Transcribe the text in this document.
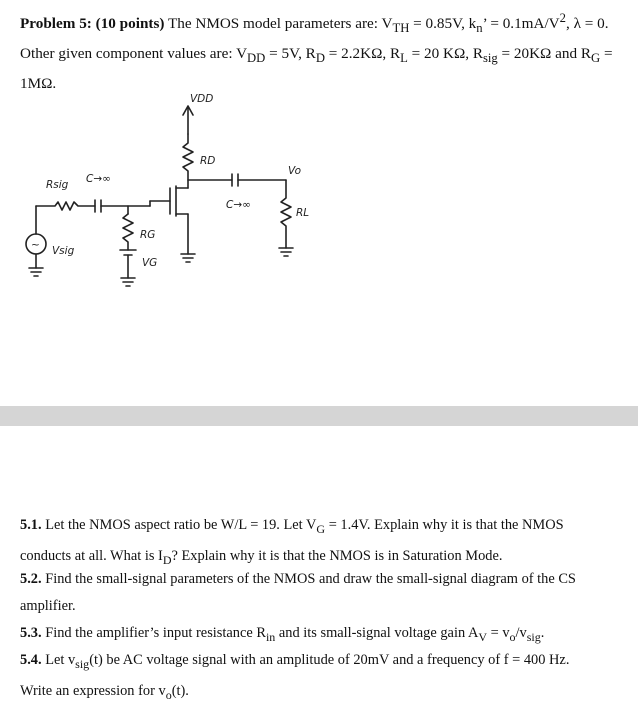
Problem 5: (10 points) The NMOS model parameters are: $V_{TH} = 0.85V$, $k_n$’ = $0.1mA/V^2$, λ = 0.
Other given component values are: $V_{DD} = 5V$, $R_D = 2.2K\Omega$, $R_L = 20$ KΩ, $R_{sig} = 20K\Omega$ and $R_G$ =
1MΩ.
VDD
RD
Vo
Rsig C→∞
C→∞
RG
VG
Vsig
RL
~
5.1. Let the NMOS aspect ratio be W/L = 19. Let $V_G = 1.4V$. Explain why it is that the NMOS
conducts at all. What is $I_D$? Explain why it is that the NMOS is in Saturation Mode.
5.2. Find the small-signal parameters of the NMOS and draw the small-signal diagram of the CS
amplifier.
5.3. Find the amplifier’s input resistance $R_{in}$ and its small-signal voltage gain $A_V = v_o/v_{sig}$.
5.4. Let $v_{sig}(t)$ be AC voltage signal with an amplitude of 20mV and a frequency of f = 400 Hz.
Write an expression for $v_o(t)$.
